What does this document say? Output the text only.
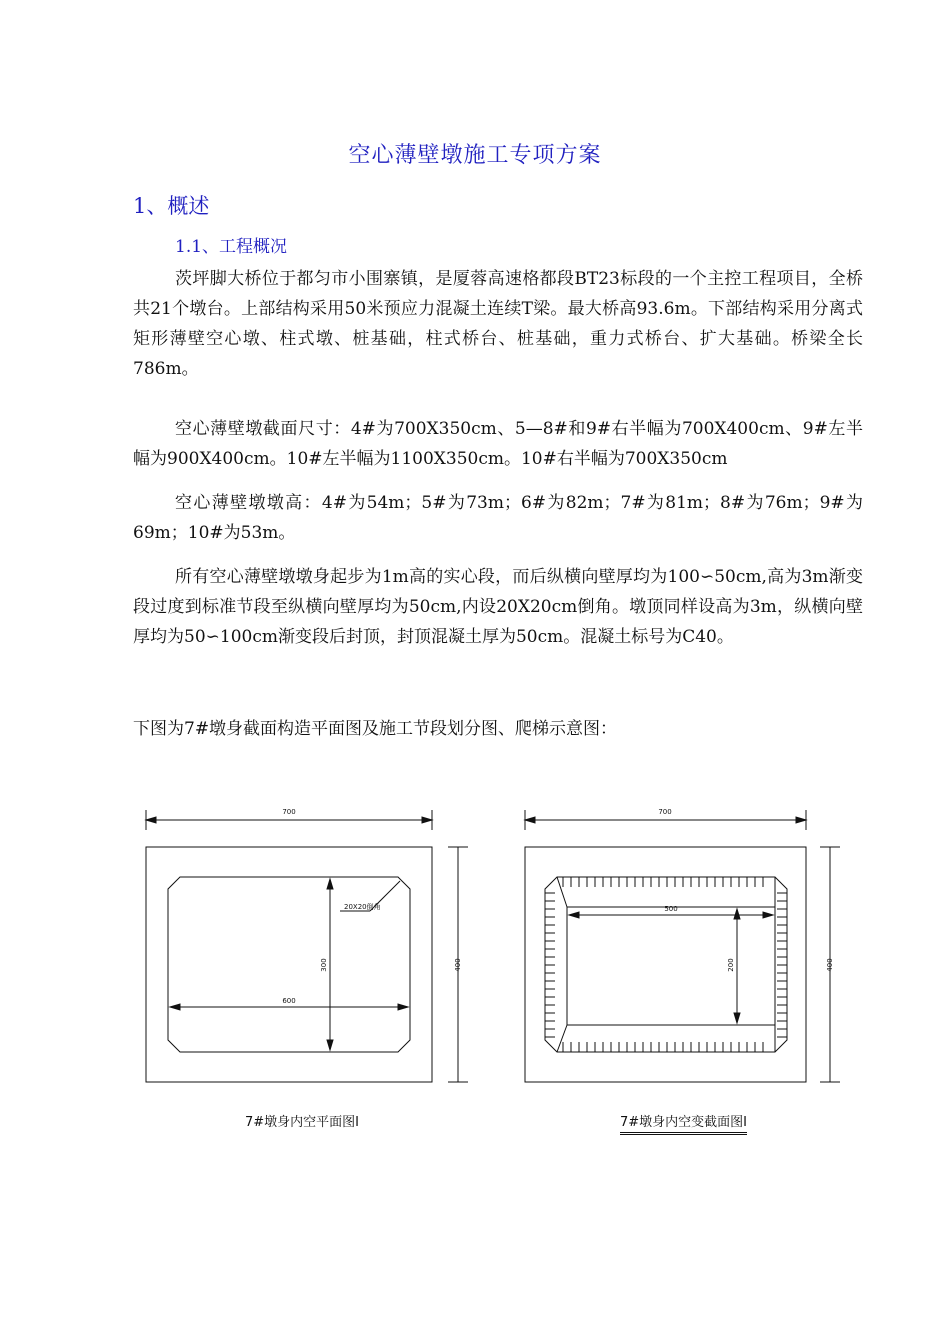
空心薄壁墩施工专项方案
1、概述
1.1、工程概况

茨坪脚大桥位于都匀市小围寨镇，是厦蓉高速格都段BT23标段的一个主控工程项目，全桥共21个墩台。上部结构采用50米预应力混凝土连续T梁。最大桥高93.6m。下部结构采用分离式矩形薄壁空心墩、柱式墩、桩基础，柱式桥台、桩基础，重力式桥台、扩大基础。桥梁全长786m。

空心薄壁墩截面尺寸：4#为700X350cm、5—8#和9#右半幅为700X400cm、9#左半幅为900X400cm。10#左半幅为1100X350cm。10#右半幅为700X350cm

空心薄壁墩墩高：4#为54m；5#为73m；6#为82m；7#为81m；8#为76m；9#为69m；10#为53m。

所有空心薄壁墩墩身起步为1m高的实心段，而后纵横向壁厚均为100∽50cm,高为3m渐变段过度到标准节段至纵横向壁厚均为50cm,内设20X20cm倒角。墩顶同样设高为3m，纵横向壁厚均为50∽100cm渐变段后封顶，封顶混凝土厚为50cm。混凝土标号为C40。

下图为7#墩身截面构造平面图及施工节段划分图、爬梯示意图：

700
400
600
300
20X20倒角
700
400
500
200
7#墩身内空平面图I	7#墩身内空变截面图I
